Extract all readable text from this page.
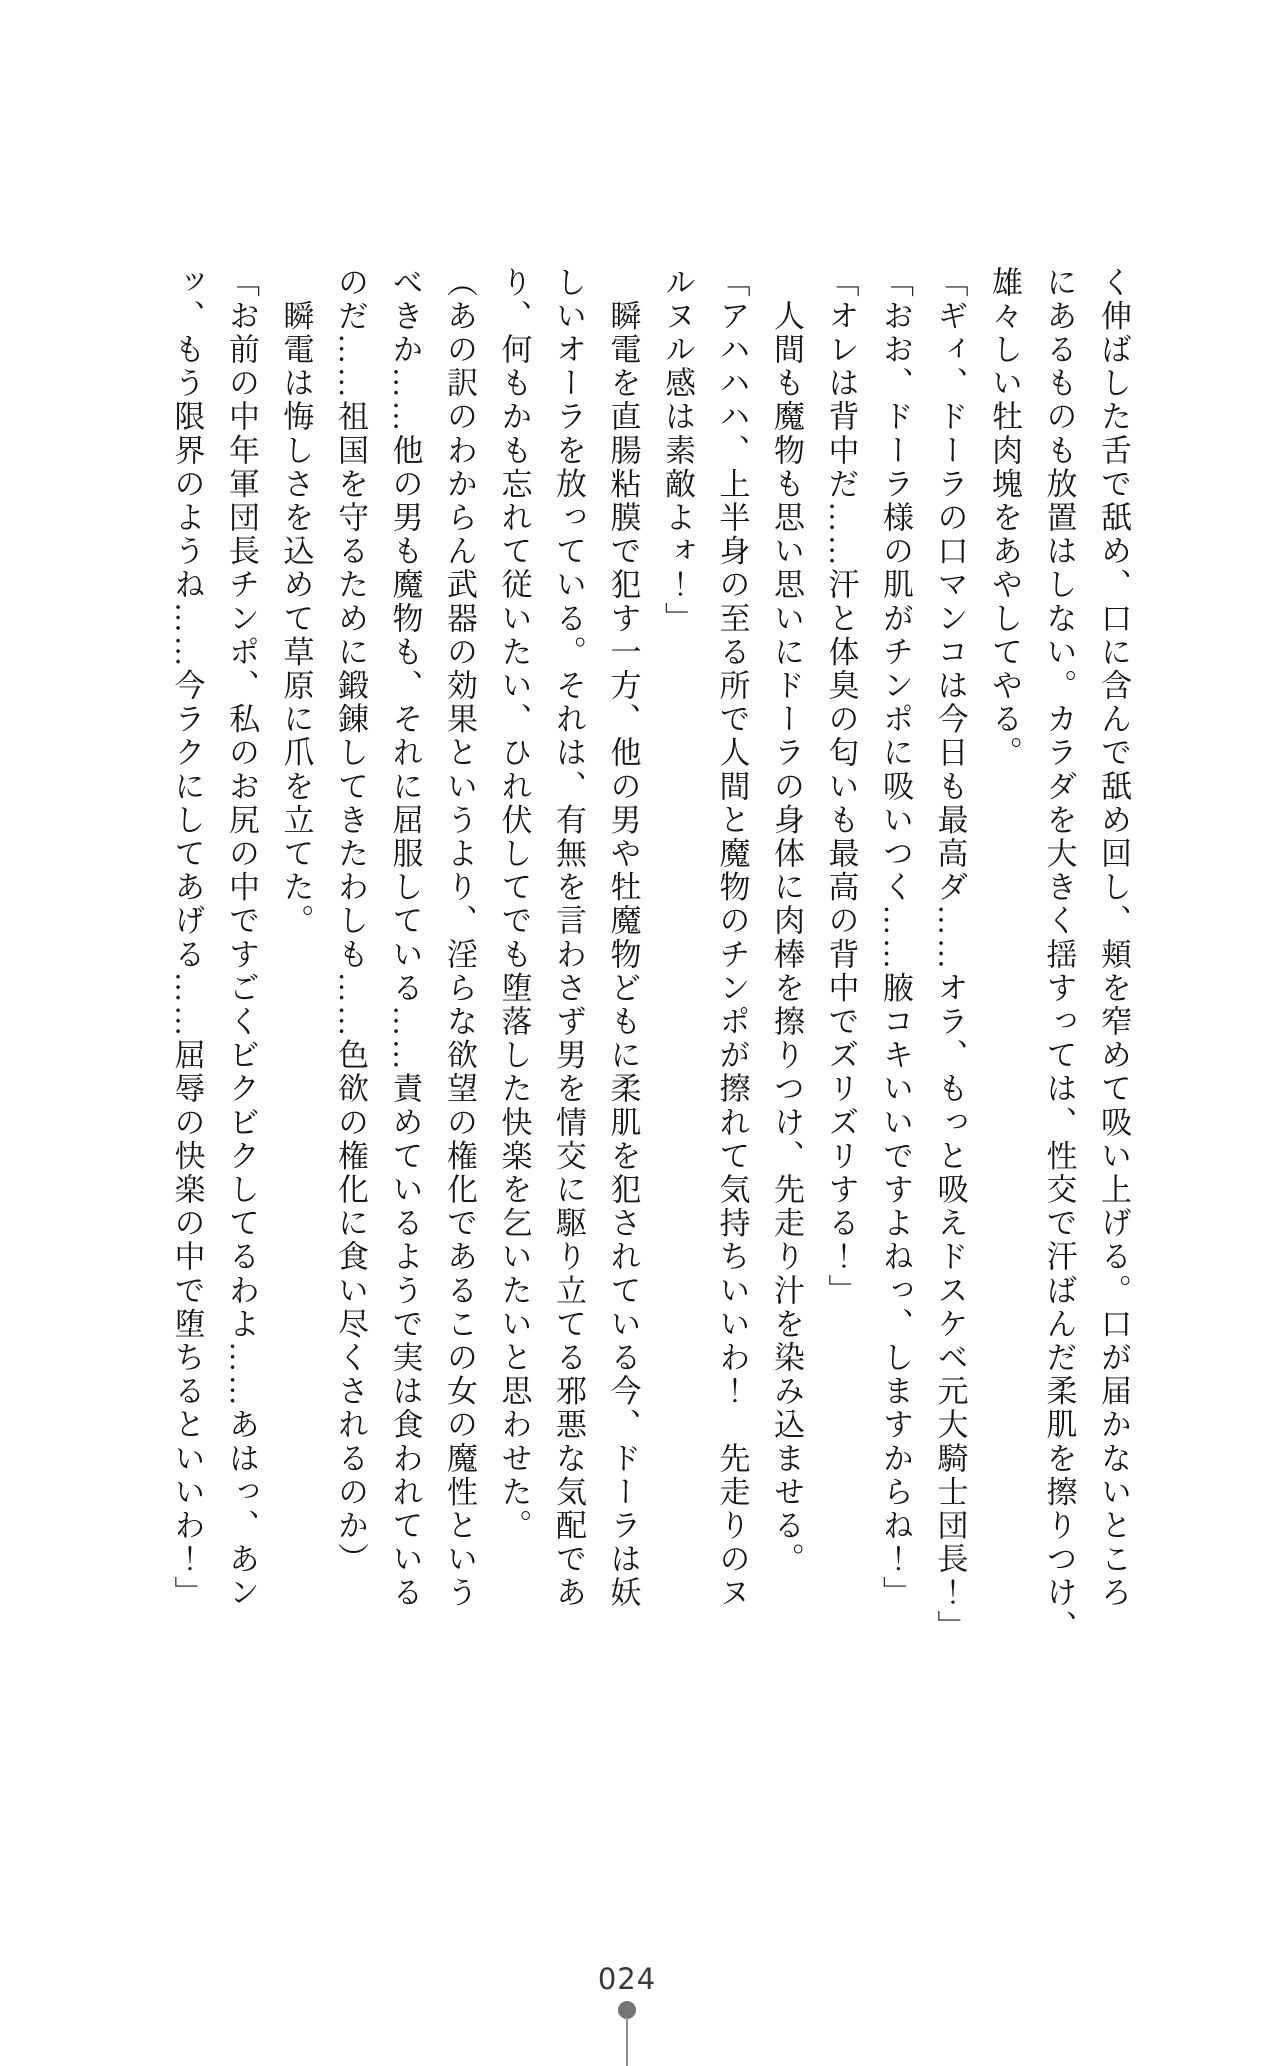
く伸ばした舌で舐め、口に含んで舐め回し、頬を窄めて吸い上げる。口が届かないところ

にあるものも放置はしない。カラダを大きく揺すっては、性交で汗ばんだ柔肌を擦りつけ、

雄々しい牡肉塊をあやしてやる。

「ギィ、ドーラの口マンコは今日も最高ダ……オラ、もっと吸えドスケベ元大騎士団長！」

「おお、ドーラ様の肌がチンポに吸いつく……腋コキいいですよねっ、しますからね！」

「オレは背中だ……汗と体臭の匂いも最高の背中でズリズリする！」

　人間も魔物も思い思いにドーラの身体に肉棒を擦りつけ、先走り汁を染み込ませる。

「アハハハ、上半身の至る所で人間と魔物のチンポが擦れて気持ちいいわ！　先走りのヌ

ルヌル感は素敵よォ！」

　瞬電を直腸粘膜で犯す一方、他の男や牡魔物どもに柔肌を犯されている今、ドーラは妖

しいオーラを放っている。それは、有無を言わさず男を情交に駆り立てる邪悪な気配であ

り、何もかも忘れて従いたい、ひれ伏してでも堕落した快楽を乞いたいと思わせた。

（あの訳のわからん武器の効果というより、淫らな欲望の権化であるこの女の魔性という

べきか……他の男も魔物も、それに屈服している……責めているようで実は食われている

のだ……祖国を守るために鍛錬してきたわしも……色欲の権化に食い尽くされるのか）

　瞬電は悔しさを込めて草原に爪を立てた。

「お前の中年軍団長チンポ、私のお尻の中ですごくビクビクしてるわよ……あはっ、あン

ッ、もう限界のようね……今ラクにしてあげる……屈辱の快楽の中で堕ちるといいわ！」

024
